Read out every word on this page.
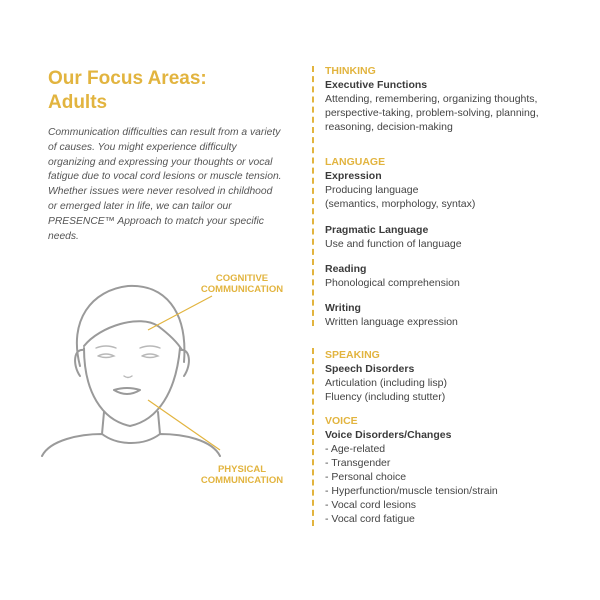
Our Focus Areas:
Adults

Communication difficulties can result from a variety of causes. You might experience difficulty organizing and expressing your thoughts or vocal fatigue due to vocal cord lesions or muscle tension. Whether issues were never resolved in childhood or emerged later in life, we can tailor our PRESENCE™ Approach to match your specific needs.

COGNITIVE
COMMUNICATION
PHYSICAL
COMMUNICATION
THINKING
Executive Functions
Attending, remembering, organizing thoughts, perspective-taking, problem-solving, planning, reasoning, decision-making
LANGUAGE
Expression
Producing language
(semantics, morphology, syntax)
Pragmatic Language
Use and function of language
Reading
Phonological comprehension
Writing
Written language expression
SPEAKING
Speech Disorders
Articulation (including lisp)
Fluency (including stutter)
VOICE
Voice Disorders/Changes
- Age-related
- Transgender
- Personal choice
- Hyperfunction/muscle tension/strain
- Vocal cord lesions
- Vocal cord fatigue
